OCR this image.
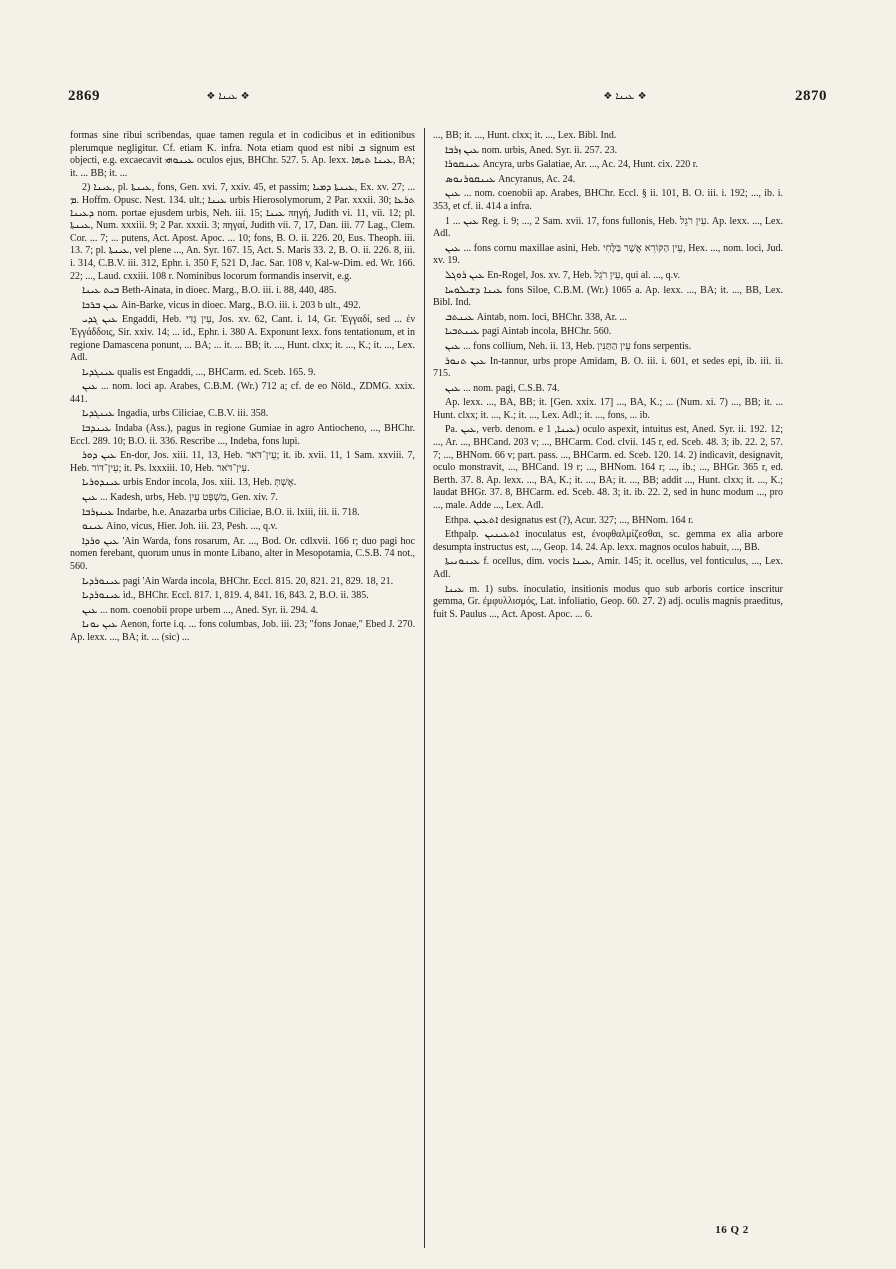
2869	❖ ܥܝܢܐ ❖	❖ ܥܝܢܐ ❖	2870

formas sine ribui scribendas, quae tamen regula et in codicibus et in editionibus plerumque negligitur. Cf. etiam K. infra. Nota etiam quod est nibi ܒ signum est objecti, e.g. excaecavit ܥܝܢܘܗܝ oculos ejus, BHChr. 527. 5. Ap. lexx. ܥܝܢܐ ܬܝܗܐ, BA; it. ... BB; it. ...

2) ܥܝܢܐ, pl. ܥܝܢܬܐ, fons, Gen. xvi. 7, xxiv. 45, et passim; ܥܝܢܬܐ ܕܡܝܐ, Ex. xv. 27; ... ܡ. Hoffm. Opusc. Nest. 134. ult.; ܥܝܢܐ urbis Hierosolymorum, 2 Par. xxxii. 30; ܬܪܥܐ ܕܥܝܢܐ nom. portae ejusdem urbis, Neh. iii. 15; ܥܝܢܐ πηγή, Judith vi. 11, vii. 12; pl. ܥܝܢܬܐ, Num. xxxiii. 9; 2 Par. xxxii. 3; πηγαί, Judith vii. 7, 17, Dan. iii. 77 Lag., Clem. Cor. ... 7; ... putens, Act. Apost. Apoc. ... 10; fons, B. O. ii. 226. 20, Eus. Theoph. iii. 13. 7; pl. ܥܝܢܬܐ, vel plene ..., An. Syr. 167. 15, Act. S. Maris 33. 2, B. O. ii. 226. 8, iii. i. 314, C.B.V. iii. 312, Ephr. i. 350 F, 521 D, Jac. Sar. 108 v, Kal-w-Dim. ed. Wr. 166. 22; ..., Laud. cxxiii. 108 r. Nominibus locorum formandis inservit, e.g.

ܒܝܬ ܥܝܢܐ Beth-Ainata, in dioec. Marg., B.O. iii. i. 88, 440, 485.

ܥܝܢ ܒܪܟܐ Ain-Barke, vicus in dioec. Marg., B.O. iii. i. 203 b ult., 492.

ܥܝܢ ܓܕܝ Engaddi, Heb. עֵין גֶּדִי, Jos. xv. 62, Cant. i. 14, Gr. Ἐγγαδί, sed ... ἐν Ἐγγάδδοις, Sir. xxiv. 14; ... id., Ephr. i. 380 A. Exponunt lexx. fons tentationum, et in regione Damascena ponunt, ... BA; ... it. ... BB; it. ..., Hunt. clxx; it. ..., K.; it. ..., Lex. Adl.

ܥܝܢܓܕܝܐ qualis est Engaddi, ..., BHCarm. ed. Sceb. 165. 9.

ܥܝܢ ... nom. loci ap. Arabes, C.B.M. (Wr.) 712 a; cf. de eo Nöld., ZDMG. xxix. 441.

ܥܝܢܓܕܝܐ Ingadia, urbs Ciliciae, C.B.V. iii. 358.

ܥܝܢܕܒܐ Indaba (Ass.), pagus in regione Gumiae in agro Antiocheno, ..., BHChr. Eccl. 289. 10; B.O. ii. 336. Rescribe ..., Indeba, fons lupi.

ܥܝܢ ܕܘܪ En-dor, Jos. xiii. 11, 13, Heb. עֵין־דֹּאר; it. ib. xvii. 11, 1 Sam. xxviii. 7, Heb. עֵין־דּוֹר; it. Ps. lxxxiii. 10, Heb. עֵין־דֹּאר.

ܥܝܢܕܘܪܝܐ urbis Endor incola, Jos. xiii. 13, Heb. אֶשְׁתְּ.

ܥܝܢ ... Kadesh, urbs, Heb. מִשְׁפָּט עֵין, Gen. xiv. 7.

ܥܝܢܙܪܒܐ Indarbe, h.e. Anazarba urbs Ciliciae, B.O. ii. lxiii, iii. ii. 718.

ܥܝܢܘ Aino, vicus, Hier. Joh. iii. 23, Pesh. ..., q.v.

ܥܝܢ ܘܪܕܐ 'Ain Warda, fons rosarum, Ar. ..., Bod. Or. cdlxvii. 166 r; duo pagi hoc nomen ferebant, quorum unus in monte Libano, alter in Mesopotamia, C.S.B. 74 not., 560.

ܥܝܢܘܪܕܝܐ pagi 'Ain Warda incola, BHChr. Eccl. 815. 20, 821. 21, 829. 18, 21.

ܥܝܢܘܪܕܝܐ id., BHChr. Eccl. 817. 1, 819. 4, 841. 16, 843. 2, B.O. ii. 385.

ܥܝܢ ... nom. coenobii prope urbem ..., Aned. Syr. ii. 294. 4.

ܥܝܢ ܝܘܢܐ Aenon, forte i.q. ... fons columbas, Job. iii. 23; "fons Jonae," Ebed J. 270. Ap. lexx. ..., BA; it. ... (sic) ...

..., BB; it. ..., Hunt. clxx; it. ..., Lex. Bibl. Ind.

ܥܝܢ ܙܪܒܐ nom. urbis, Aned. Syr. ii. 257. 23.

ܥܝܢܩܘܪܐ Ancyra, urbs Galatiae, Ar. ..., Ac. 24, Hunt. cix. 220 r.

ܥܝܢܩܘܪܢܘܣ Ancyranus, Ac. 24.

ܥܝܢ ... nom. coenobii ap. Arabes, BHChr. Eccl. § ii. 101, B. O. iii. i. 192; ..., ib. i. 353, et cf. ii. 414 a infra.

ܥܝܢ ... 1 Reg. i. 9; ..., 2 Sam. xvii. 17, fons fullonis, Heb. עֵין רֹגֵל. Ap. lexx. ..., Lex. Adl.

ܥܝܢ ... fons cornu maxillae asini, Heb. עֵין הַקּוֹרֵא אֲשֶׁר בַּלֶּחִי, Hex. ..., nom. loci, Jud. xv. 19.

ܥܝܢ ܪܘܓܠ En-Rogel, Jos. xv. 7, Heb. עֵין רֹגֵל, qui al. ..., q.v.

ܥܝܢܐ ܕܫܝܠܘܚܐ fons Siloe, C.B.M. (Wr.) 1065 a. Ap. lexx. ..., BA; it. ..., BB, Lex. Bibl. Ind.

ܥܝܢܬܒ Aintab, nom. loci, BHChr. 338, Ar. ...

ܥܝܢܬܒܝܐ pagi Aintab incola, BHChr. 560.

ܥܝܢ ... fons collium, Neh. ii. 13, Heb. עֵין הַתַּנִּין fons serpentis.

ܥܝܢ ܬܢܘܪ In-tannur, urbs prope Amidam, B. O. iii. i. 601, et sedes epi, ib. iii. ii. 715.

ܥܝܢ ... nom. pagi, C.S.B. 74.

Ap. lexx. ..., BA, BB; it. [Gen. xxix. 17] ..., BA, K.; ... (Num. xi. 7) ..., BB; it. ... Hunt. clxx; it. ..., K.; it. ..., Lex. Adl.; it. ..., fons, ... ib.

Pa. ܥܝܢ, verb. denom. e ܥܝܢܐ, 1) oculo aspexit, intuitus est, Aned. Syr. ii. 192. 12; ..., Ar. ..., BHCand. 203 v; ..., BHCarm. Cod. clvii. 145 r, ed. Sceb. 48. 3; ib. 22. 2, 57. 7; ..., BHNom. 66 v; part. pass. ..., BHCarm. ed. Sceb. 120. 14. 2) indicavit, designavit, oculo monstravit, ..., BHCand. 19 r; ..., BHNom. 164 r; ..., ib.; ..., BHGr. 365 r, ed. Berth. 37. 8. Ap. lexx. ..., BA, K.; it. ..., BA; it. ..., BB; addit ..., Hunt. clxx; it. ..., K.; laudat BHGr. 37. 8, BHCarm. ed. Sceb. 48. 3; it. ib. 22. 2, sed in hunc modum ..., pro ..., male. Adde ..., Lex. Adl.

Ethpa. ܐܬܥܝܢ designatus est (?), Acur. 327; ..., BHNom. 164 r.

Ethpalp. ܐܬܥܝܢܝܢ inoculatus est, ἐνοφθαλμίζεσθαι, sc. gemma ex alia arbore desumpta instructus est, ..., Geop. 14. 24. Ap. lexx. magnos oculos habuit, ..., BB.

ܥܝܢܘܢܝܬܐ f. ocellus, dim. vocis ܥܝܢܐ, Amir. 145; it. ocellus, vel fonticulus, ..., Lex. Adl.

ܥܝܢܐ m. 1) subs. inoculatio, insitionis modus quo sub arboris cortice inscritur gemma, Gr. ἐμφυλλισμός, Lat. infoliatio, Geop. 60. 27. 2) adj. oculis magnis praeditus, fuit S. Paulus ..., Act. Apost. Apoc. ... 6.

16 Q 2
